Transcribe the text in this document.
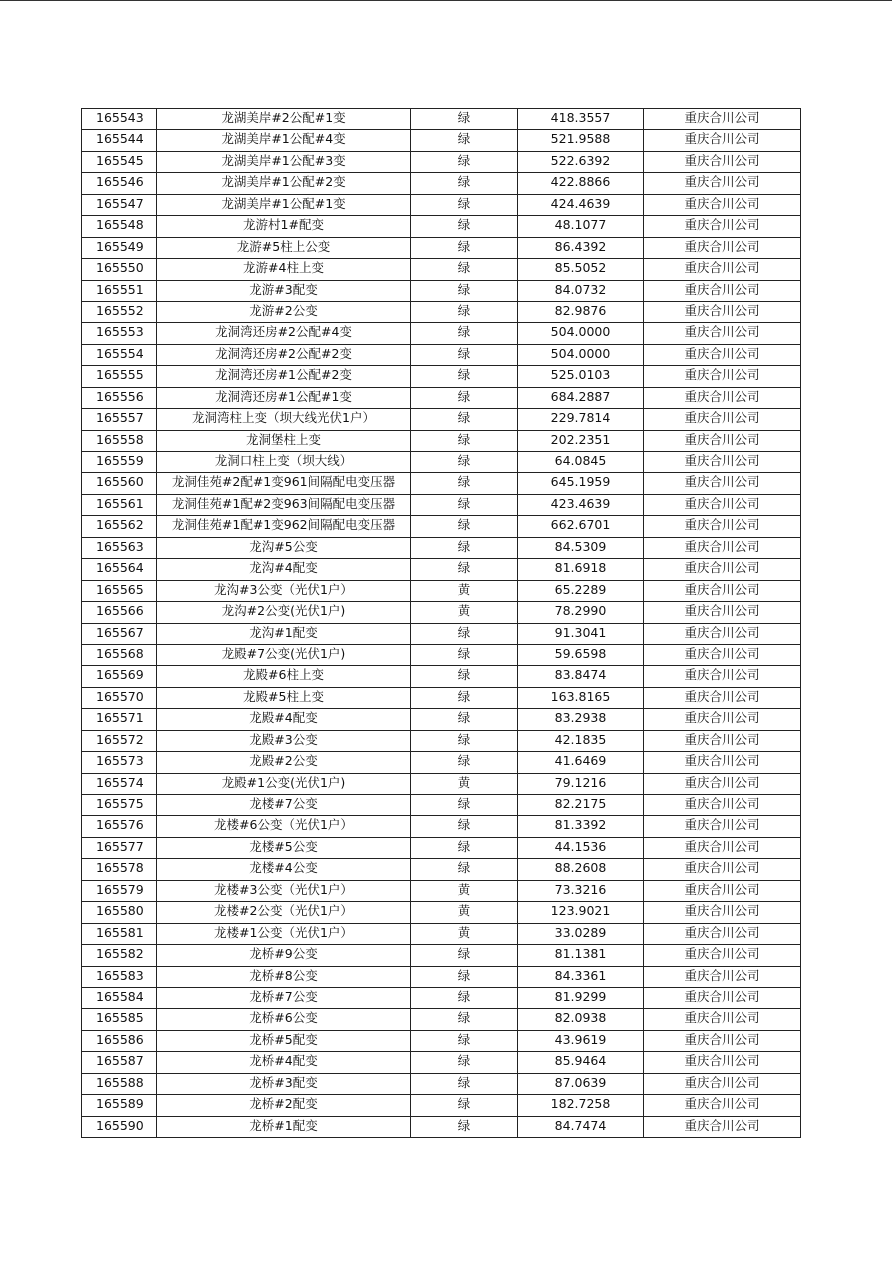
165543	龙湖美岸#2公配#1变	绿	418.3557	重庆合川公司
165544	龙湖美岸#1公配#4变	绿	521.9588	重庆合川公司
165545	龙湖美岸#1公配#3变	绿	522.6392	重庆合川公司
165546	龙湖美岸#1公配#2变	绿	422.8866	重庆合川公司
165547	龙湖美岸#1公配#1变	绿	424.4639	重庆合川公司
165548	龙游村1#配变	绿	48.1077	重庆合川公司
165549	龙游#5柱上公变	绿	86.4392	重庆合川公司
165550	龙游#4柱上变	绿	85.5052	重庆合川公司
165551	龙游#3配变	绿	84.0732	重庆合川公司
165552	龙游#2公变	绿	82.9876	重庆合川公司
165553	龙洞湾还房#2公配#4变	绿	504.0000	重庆合川公司
165554	龙洞湾还房#2公配#2变	绿	504.0000	重庆合川公司
165555	龙洞湾还房#1公配#2变	绿	525.0103	重庆合川公司
165556	龙洞湾还房#1公配#1变	绿	684.2887	重庆合川公司
165557	龙洞湾柱上变（坝大线光伏1户）	绿	229.7814	重庆合川公司
165558	龙洞堡柱上变	绿	202.2351	重庆合川公司
165559	龙洞口柱上变（坝大线）	绿	64.0845	重庆合川公司
165560	龙洞佳苑#2配#1变961间隔配电变压器	绿	645.1959	重庆合川公司
165561	龙洞佳苑#1配#2变963间隔配电变压器	绿	423.4639	重庆合川公司
165562	龙洞佳苑#1配#1变962间隔配电变压器	绿	662.6701	重庆合川公司
165563	龙沟#5公变	绿	84.5309	重庆合川公司
165564	龙沟#4配变	绿	81.6918	重庆合川公司
165565	龙沟#3公变（光伏1户）	黄	65.2289	重庆合川公司
165566	龙沟#2公变(光伏1户)	黄	78.2990	重庆合川公司
165567	龙沟#1配变	绿	91.3041	重庆合川公司
165568	龙殿#7公变(光伏1户)	绿	59.6598	重庆合川公司
165569	龙殿#6柱上变	绿	83.8474	重庆合川公司
165570	龙殿#5柱上变	绿	163.8165	重庆合川公司
165571	龙殿#4配变	绿	83.2938	重庆合川公司
165572	龙殿#3公变	绿	42.1835	重庆合川公司
165573	龙殿#2公变	绿	41.6469	重庆合川公司
165574	龙殿#1公变(光伏1户)	黄	79.1216	重庆合川公司
165575	龙楼#7公变	绿	82.2175	重庆合川公司
165576	龙楼#6公变（光伏1户）	绿	81.3392	重庆合川公司
165577	龙楼#5公变	绿	44.1536	重庆合川公司
165578	龙楼#4公变	绿	88.2608	重庆合川公司
165579	龙楼#3公变（光伏1户）	黄	73.3216	重庆合川公司
165580	龙楼#2公变（光伏1户）	黄	123.9021	重庆合川公司
165581	龙楼#1公变（光伏1户）	黄	33.0289	重庆合川公司
165582	龙桥#9公变	绿	81.1381	重庆合川公司
165583	龙桥#8公变	绿	84.3361	重庆合川公司
165584	龙桥#7公变	绿	81.9299	重庆合川公司
165585	龙桥#6公变	绿	82.0938	重庆合川公司
165586	龙桥#5配变	绿	43.9619	重庆合川公司
165587	龙桥#4配变	绿	85.9464	重庆合川公司
165588	龙桥#3配变	绿	87.0639	重庆合川公司
165589	龙桥#2配变	绿	182.7258	重庆合川公司
165590	龙桥#1配变	绿	84.7474	重庆合川公司
